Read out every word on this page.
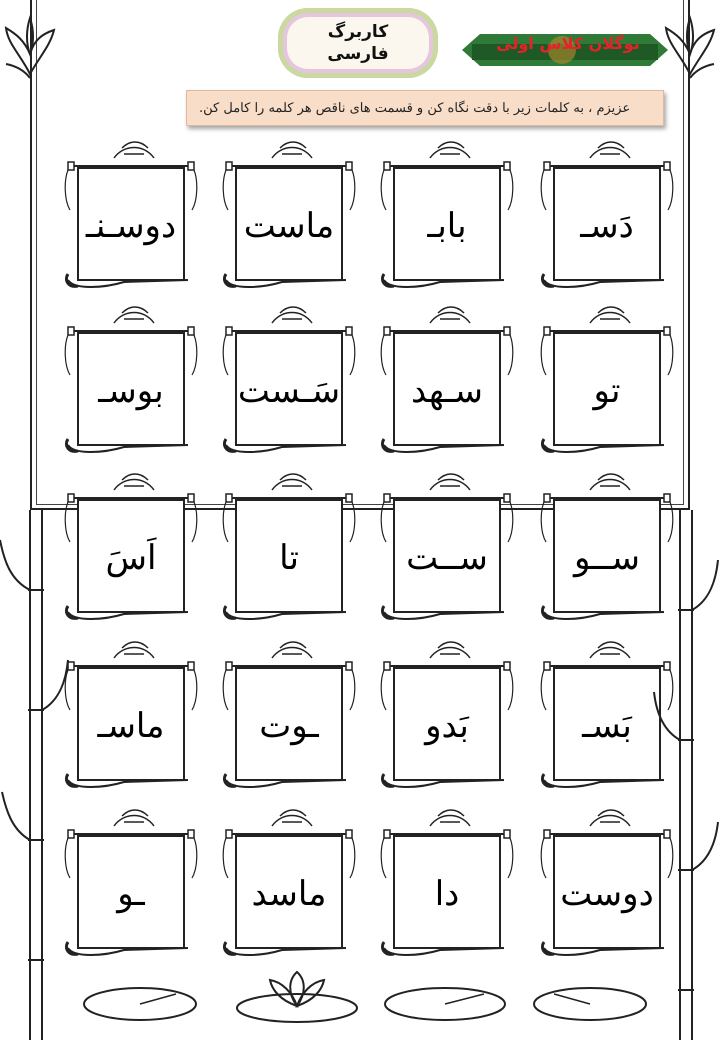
کاربرگ
فارسی
نوگلان کلاس اولی
عزیزم ، به کلمات زیر با دقت نگاه کن و قسمت های ناقص هر کلمه را کامل کن.
دَسـ
بابـ
ماست
دوسـنـ
تو
سـهد
سَـست
بوسـ
ســو
ســت
تا
اَسَ
بَسـ
بَدو
ـوت
ماسـ
دوست
دا
ماسد
ـو
